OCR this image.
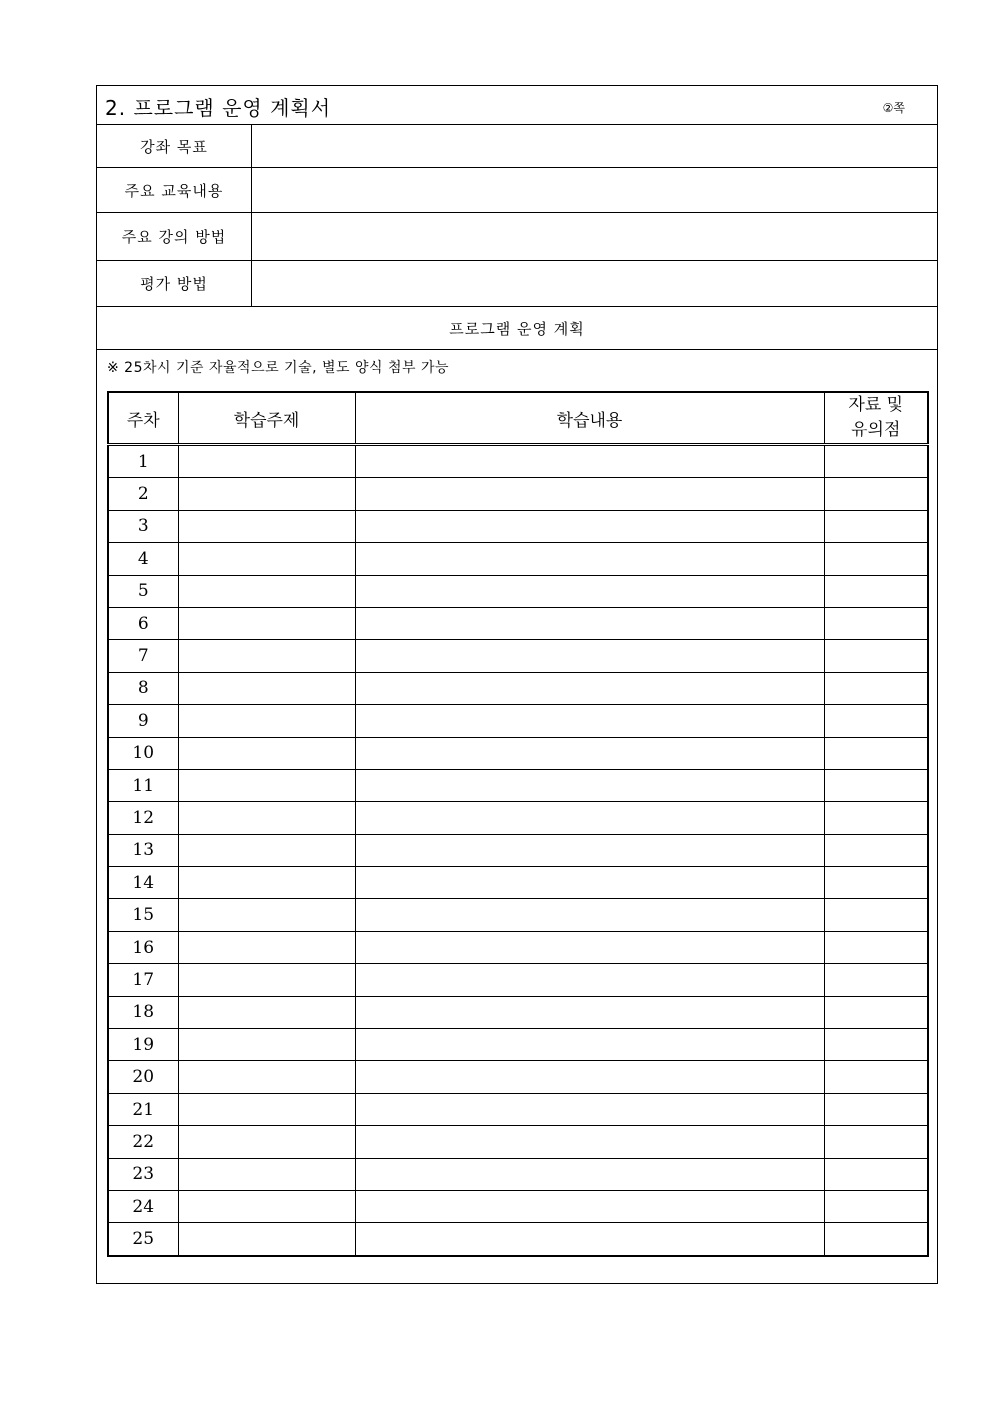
2. 프로그램 운영 계획서	②쪽
강좌 목표
주요 교육내용
주요 강의 방법
평가 방법
프로그램 운영 계획
※ 25차시 기준 자율적으로 기술, 별도 양식 첨부 가능
주차	학습주제	학습내용	자료 및
유의점
1			
2			
3			
4			
5			
6			
7			
8			
9			
10			
11			
12			
13			
14			
15			
16			
17			
18			
19			
20			
21			
22			
23			
24			
25			
